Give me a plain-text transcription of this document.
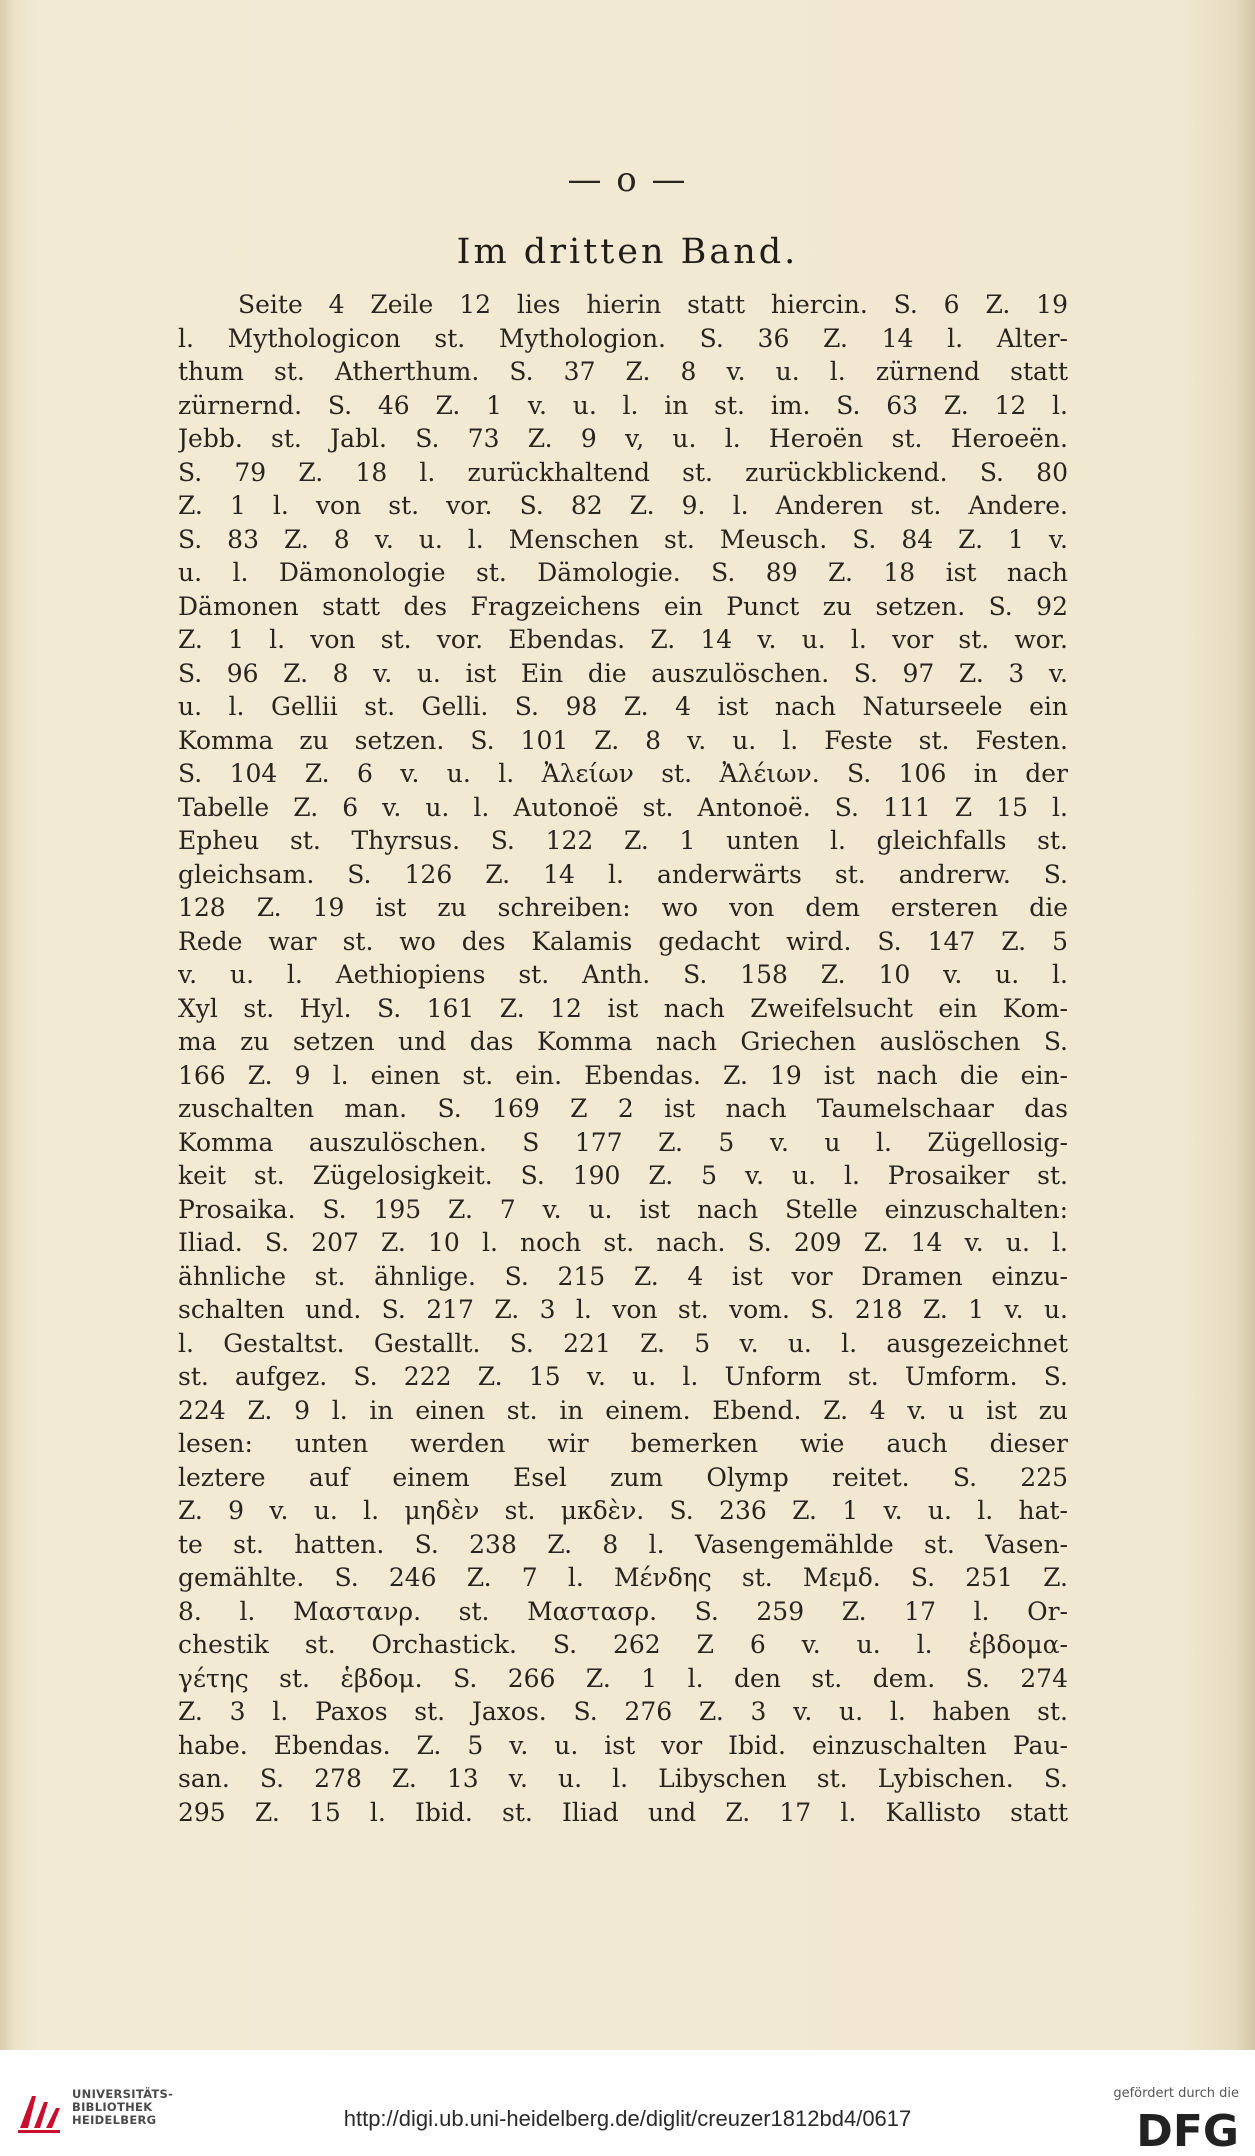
— o —
Im dritten Band.
Seite 4 Zeile 12 lies hierin statt hiercin. S. 6 Z. 19
l. Mythologicon st. Mythologion. S. 36 Z. 14 l. Alter-
thum st. Atherthum. S. 37 Z. 8 v. u. l. zürnend statt
zürnernd. S. 46 Z. 1 v. u. l. in st. im. S. 63 Z. 12 l.
Jebb. st. Jabl. S. 73 Z. 9 v, u. l. Heroën st. Heroeën.
S. 79 Z. 18 l. zurückhaltend st. zurückblickend. S. 80
Z. 1 l. von st. vor. S. 82 Z. 9. l. Anderen st. Andere.
S. 83 Z. 8 v. u. l. Menschen st. Meusch. S. 84 Z. 1 v.
u. l. Dämonologie st. Dämologie. S. 89 Z. 18 ist nach
Dämonen statt des Fragzeichens ein Punct zu setzen. S. 92
Z. 1 l. von st. vor. Ebendas. Z. 14 v. u. l. vor st. wor.
S. 96 Z. 8 v. u. ist Ein die auszulöschen. S. 97 Z. 3 v.
u. l. Gellii st. Gelli. S. 98 Z. 4 ist nach Naturseele ein
Komma zu setzen. S. 101 Z. 8 v. u. l. Feste st. Festen.
S. 104 Z. 6 v. u. l. Ἀλείων st. Ἀλέιων. S. 106 in der
Tabelle Z. 6 v. u. l. Autonoë st. Antonoë. S. 111 Z 15 l.
Epheu st. Thyrsus. S. 122 Z. 1 unten l. gleichfalls st.
gleichsam. S. 126 Z. 14 l. anderwärts st. andrerw. S.
128 Z. 19 ist zu schreiben: wo von dem ersteren die
Rede war st. wo des Kalamis gedacht wird. S. 147 Z. 5
v. u. l. Aethiopiens st. Anth. S. 158 Z. 10 v. u. l.
Xyl st. Hyl. S. 161 Z. 12 ist nach Zweifelsucht ein Kom-
ma zu setzen und das Komma nach Griechen auslöschen S.
166 Z. 9 l. einen st. ein. Ebendas. Z. 19 ist nach die ein-
zuschalten man. S. 169 Z 2 ist nach Taumelschaar das
Komma auszulöschen. S 177 Z. 5 v. u l. Zügellosig-
keit st. Zügelosigkeit. S. 190 Z. 5 v. u. l. Prosaiker st.
Prosaika. S. 195 Z. 7 v. u. ist nach Stelle einzuschalten:
Iliad. S. 207 Z. 10 l. noch st. nach. S. 209 Z. 14 v. u. l.
ähnliche st. ähnlige. S. 215 Z. 4 ist vor Dramen einzu-
schalten und. S. 217 Z. 3 l. von st. vom. S. 218 Z. 1 v. u.
l. Gestaltst. Gestallt. S. 221 Z. 5 v. u. l. ausgezeichnet
st. aufgez. S. 222 Z. 15 v. u. l. Unform st. Umform. S.
224 Z. 9 l. in einen st. in einem. Ebend. Z. 4 v. u ist zu
lesen: unten werden wir bemerken wie auch dieser
leztere auf einem Esel zum Olymp reitet. S. 225
Z. 9 v. u. l. μηδὲν st. μκδὲν. S. 236 Z. 1 v. u. l. hat-
te st. hatten. S. 238 Z. 8 l. Vasengemählde st. Vasen-
gemählte. S. 246 Z. 7 l. Μένδης st. Μεμδ. S. 251 Z.
8. l. Μαστανρ. st. Μαστασρ. S. 259 Z. 17 l. Or-
chestik st. Orchastick. S. 262 Z 6 v. u. l. ἑβδομα-
γέτης st. ἑβδομ. S. 266 Z. 1 l. den st. dem. S. 274
Z. 3 l. Paxos st. Jaxos. S. 276 Z. 3 v. u. l. haben st.
habe. Ebendas. Z. 5 v. u. ist vor Ibid. einzuschalten Pau-
san. S. 278 Z. 13 v. u. l. Libyschen st. Lybischen. S.
295 Z. 15 l. Ibid. st. Iliad und Z. 17 l. Kallisto statt
UNIVERSITÄTS-
BIBLIOTHEK
HEIDELBERG	http://digi.ub.uni-heidelberg.de/diglit/creuzer1812bd4/0617
gefördert durch die
DFG
